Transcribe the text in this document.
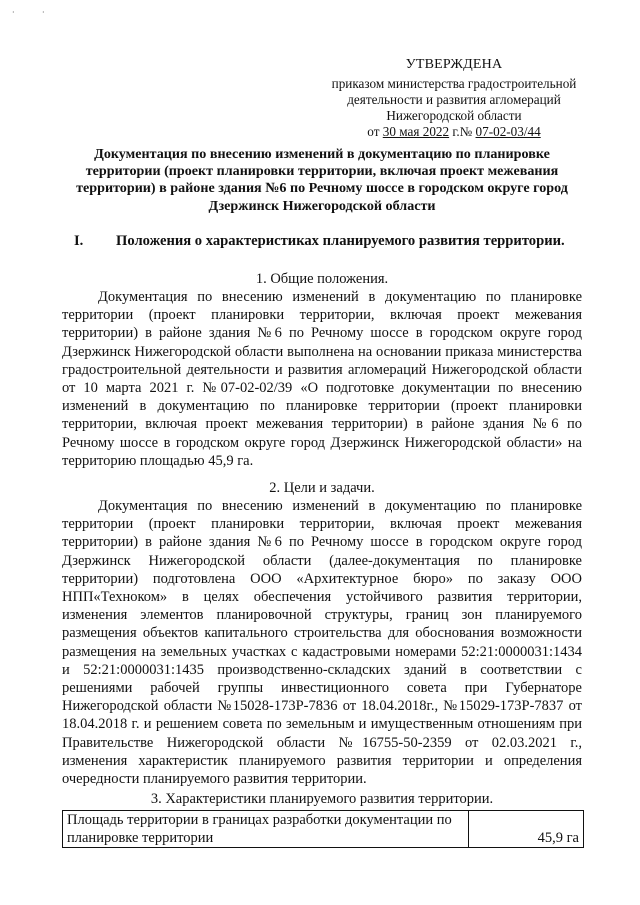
·	·
УТВЕРЖДЕНА
приказом министерства градостроительной
деятельности и развития агломераций
Нижегородской области
от 30 мая 2022 г.№ 07-02-03/44
Документация по внесению изменений в документацию по планировке территории (проект планировки территории, включая проект межевания территории) в районе здания №6 по Речному шоссе в городском округе город Дзержинск Нижегородской области
I. Положения о характеристиках планируемого развития территории.
1. Общие положения.
Документация по внесению изменений в документацию по планировке территории (проект планировки территории, включая проект межевания территории) в районе здания №6 по Речному шоссе в городском округе город Дзержинск Нижегородской области выполнена на основании приказа министерства градостроительной деятельности и развития агломераций Нижегородской области от 10 марта 2021 г. №07-02-02/39 «О подготовке документации по внесению изменений в документацию по планировке территории (проект планировки территории, включая проект межевания территории) в районе здания №6 по Речному шоссе в городском округе город Дзержинск Нижегородской области» на территорию площадью 45,9 га.
2. Цели и задачи.
Документация по внесению изменений в документацию по планировке территории (проект планировки территории, включая проект межевания территории) в районе здания №6 по Речному шоссе в городском округе город Дзержинск Нижегородской области (далее-документация по планировке территории) подготовлена ООО «Архитектурное бюро» по заказу ООО НПП«Техноком» в целях обеспечения устойчивого развития территории, изменения элементов планировочной структуры, границ зон планируемого размещения объектов капитального строительства для обоснования возможности размещения на земельных участках с кадастровыми номерами 52:21:0000031:1434 и 52:21:0000031:1435 производственно-складских зданий в соответствии с решениями рабочей группы инвестиционного совета при Губернаторе Нижегородской области №15028-173Р-7836 от 18.04.2018г., №15029-173Р-7837 от 18.04.2018 г. и решением совета по земельным и имущественным отношениям при Правительстве Нижегородской области №16755-50-2359 от 02.03.2021 г., изменения характеристик планируемого развития территории и определения очередности планируемого развития территории.
3. Характеристики планируемого развития территории.
Площадь территории в границах разработки документации по планировке территории	45,9 га
